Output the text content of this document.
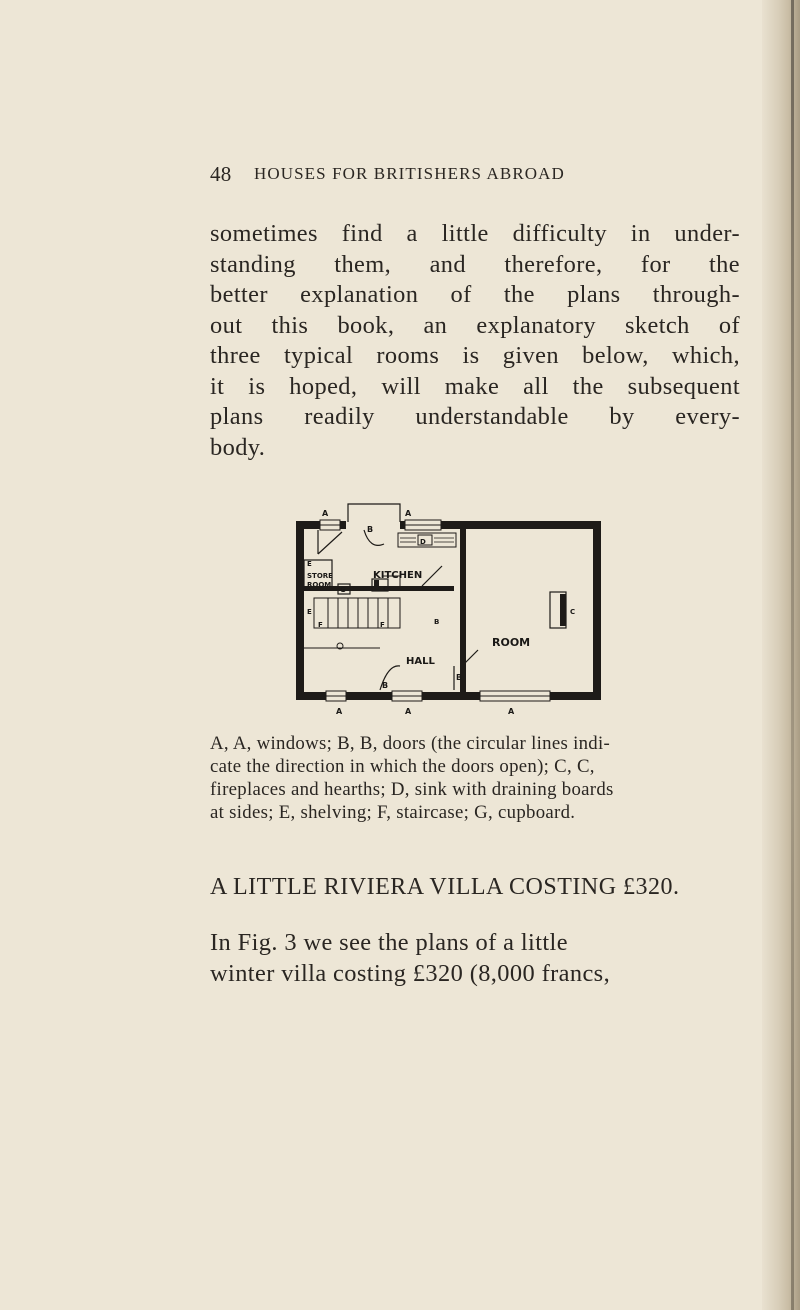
48 HOUSES FOR BRITISHERS ABROAD
sometimes find a little difficulty in under-
standing them, and therefore, for the
better explanation of the plans through-
out this book, an explanatory sketch of
three typical rooms is given below, which,
it is hoped, will make all the subsequent
plans readily understandable by every-
body.
A	A
B
D
E
STORE
ROOM
E
KITCHEN
G	C
B
F	F
ROOM
C
HALL
B
B
A	A	A
A, A, windows; B, B, doors (the circular lines indi-
cate the direction in which the doors open); C, C,
fireplaces and hearths; D, sink with draining boards
at sides; E, shelving; F, staircase; G, cupboard.
A LITTLE RIVIERA VILLA COSTING £320.
In Fig. 3 we see the plans of a little
winter villa costing £320 (8,000 francs,
